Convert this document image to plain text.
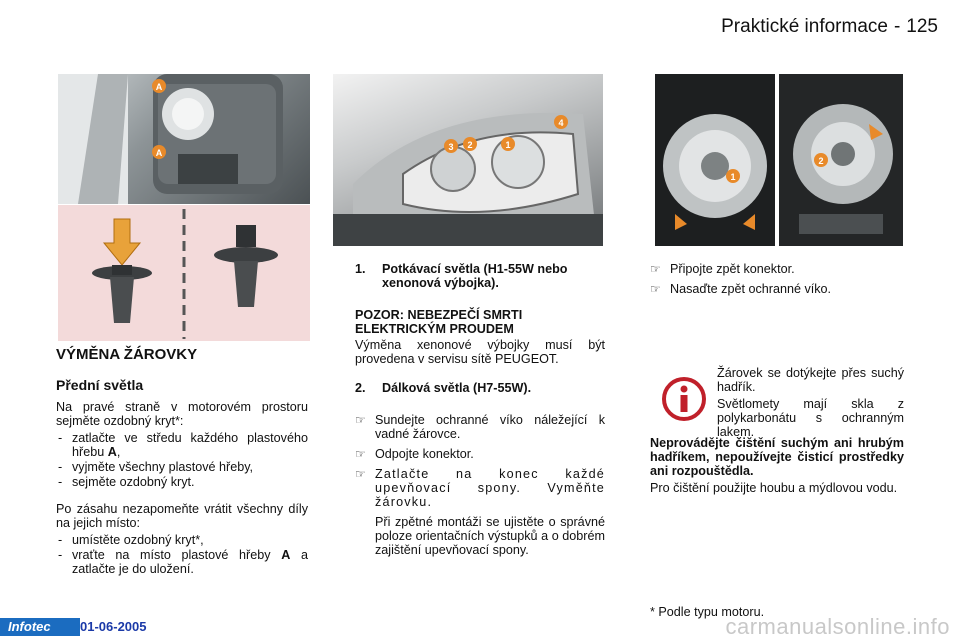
Praktické informace - 125
A
A
3 2	1
4
1
2
VÝMĚNA ŽÁROVKY
Přední světla
Na pravé straně v motorovém prostoru sejměte ozdobný kryt*:
- zatlačte ve středu každého plastového hřebu A,
- vyjměte všechny plastové hřeby,
- sejměte ozdobný kryt.
Po zásahu nezapomeňte vrátit všechny díly na jejich místo:
- umístěte ozdobný kryt*,
- vraťte na místo plastové hřeby A a zatlačte je do uložení.
1. Potkávací světla (H1-55W nebo xenonová výbojka).
POZOR: NEBEZPEČÍ SMRTI ELEKTRICKÝM PROUDEM
Výměna xenonové výbojky musí být provedena v servisu sítě PEUGEOT.
2. Dálková světla (H7-55W).
☞ Sundejte ochranné víko náležející k vadné žárovce.
☞ Odpojte konektor.
☞ Zatlačte na konec každé upevňovací spony. Vyměňte žárovku.
Při zpětné montáži se ujistěte o správné poloze orientačních výstupků a o dobrém zajištění upevňovací spony.
☞ Připojte zpět konektor.
☞ Nasaďte zpět ochranné víko.
Žárovek se dotýkejte přes suchý hadřík.
Světlomety mají skla z polykarbonátu s ochranným lakem.
Neprovádějte čištění suchým ani hrubým hadříkem, nepoužívejte čisticí prostředky ani rozpouštědla.
Pro čištění použijte houbu a mýdlovou vodu.
* Podle typu motoru.
Infotec	01-06-2005	carmanualsonline.info
